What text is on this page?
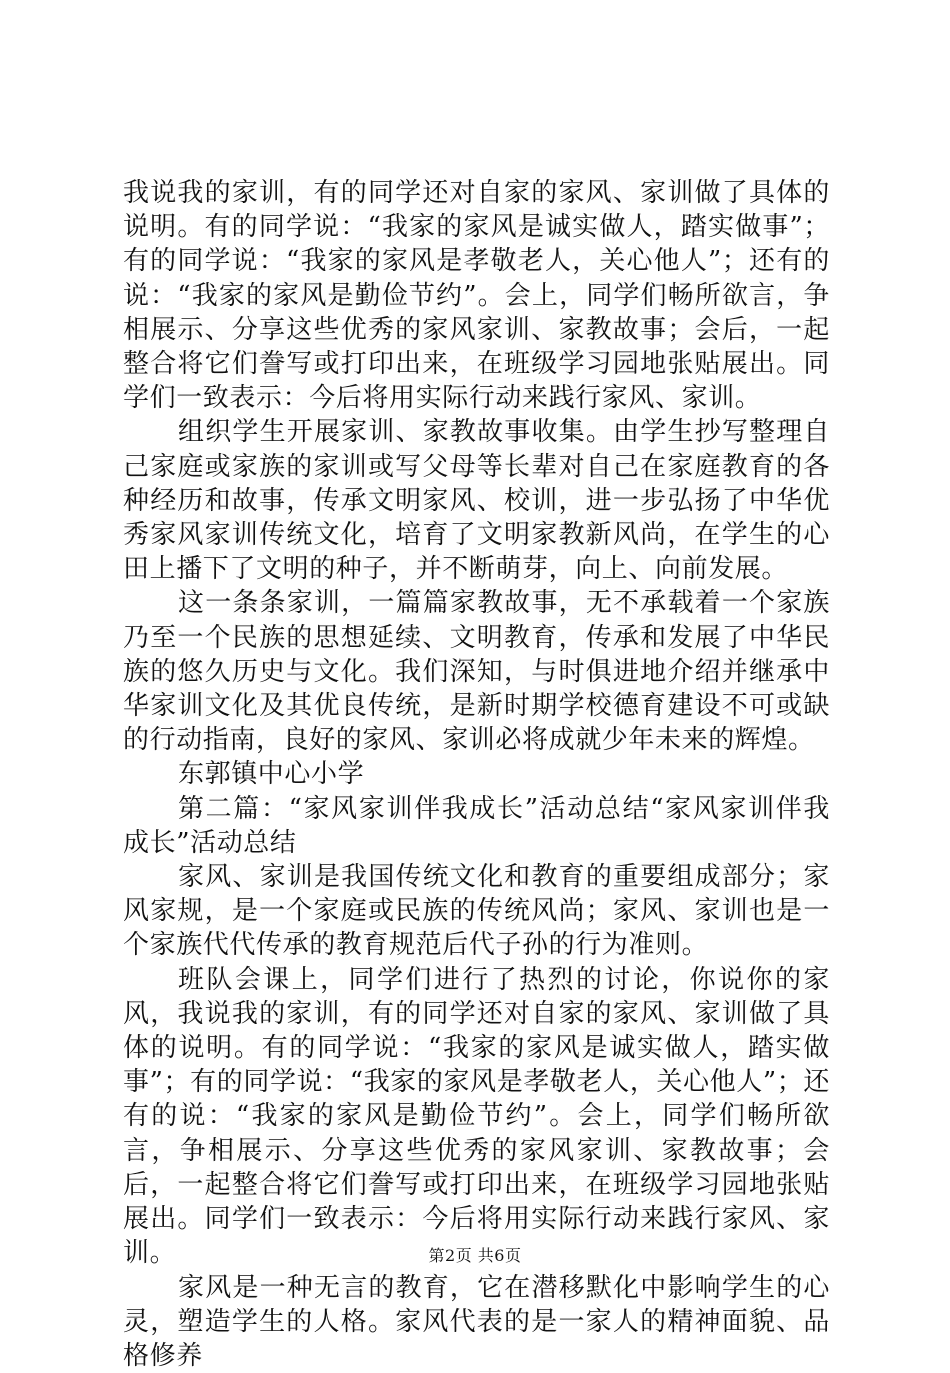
我说我的家训，有的同学还对自家的家风、家训做了具体的说明。有的同学说：“我家的家风是诚实做人，踏实做事”；有的同学说：“我家的家风是孝敬老人，关心他人”；还有的说：“我家的家风是勤俭节约”。会上，同学们畅所欲言，争相展示、分享这些优秀的家风家训、家教故事；会后，一起整合将它们誊写或打印出来，在班级学习园地张贴展出。同学们一致表示：今后将用实际行动来践行家风、家训。

组织学生开展家训、家教故事收集。由学生抄写整理自己家庭或家族的家训或写父母等长辈对自己在家庭教育的各种经历和故事，传承文明家风、校训，进一步弘扬了中华优秀家风家训传统文化，培育了文明家教新风尚，在学生的心田上播下了文明的种子，并不断萌芽，向上、向前发展。

这一条条家训，一篇篇家教故事，无不承载着一个家族乃至一个民族的思想延续、文明教育，传承和发展了中华民族的悠久历史与文化。我们深知，与时俱进地介绍并继承中华家训文化及其优良传统，是新时期学校德育建设不可或缺的行动指南，良好的家风、家训必将成就少年未来的辉煌。

东郭镇中心小学

第二篇：“家风家训伴我成长”活动总结“家风家训伴我成长”活动总结

家风、家训是我国传统文化和教育的重要组成部分；家风家规，是一个家庭或民族的传统风尚；家风、家训也是一个家族代代传承的教育规范后代子孙的行为准则。

班队会课上，同学们进行了热烈的讨论，你说你的家风，我说我的家训，有的同学还对自家的家风、家训做了具体的说明。有的同学说：“我家的家风是诚实做人，踏实做事”；有的同学说：“我家的家风是孝敬老人，关心他人”；还有的说：“我家的家风是勤俭节约”。会上，同学们畅所欲言，争相展示、分享这些优秀的家风家训、家教故事；会后，一起整合将它们誊写或打印出来，在班级学习园地张贴展出。同学们一致表示：今后将用实际行动来践行家风、家训。

家风是一种无言的教育，它在潜移默化中影响学生的心灵，塑造学生的人格。家风代表的是一家人的精神面貌、品格修养

第2页 共6页
